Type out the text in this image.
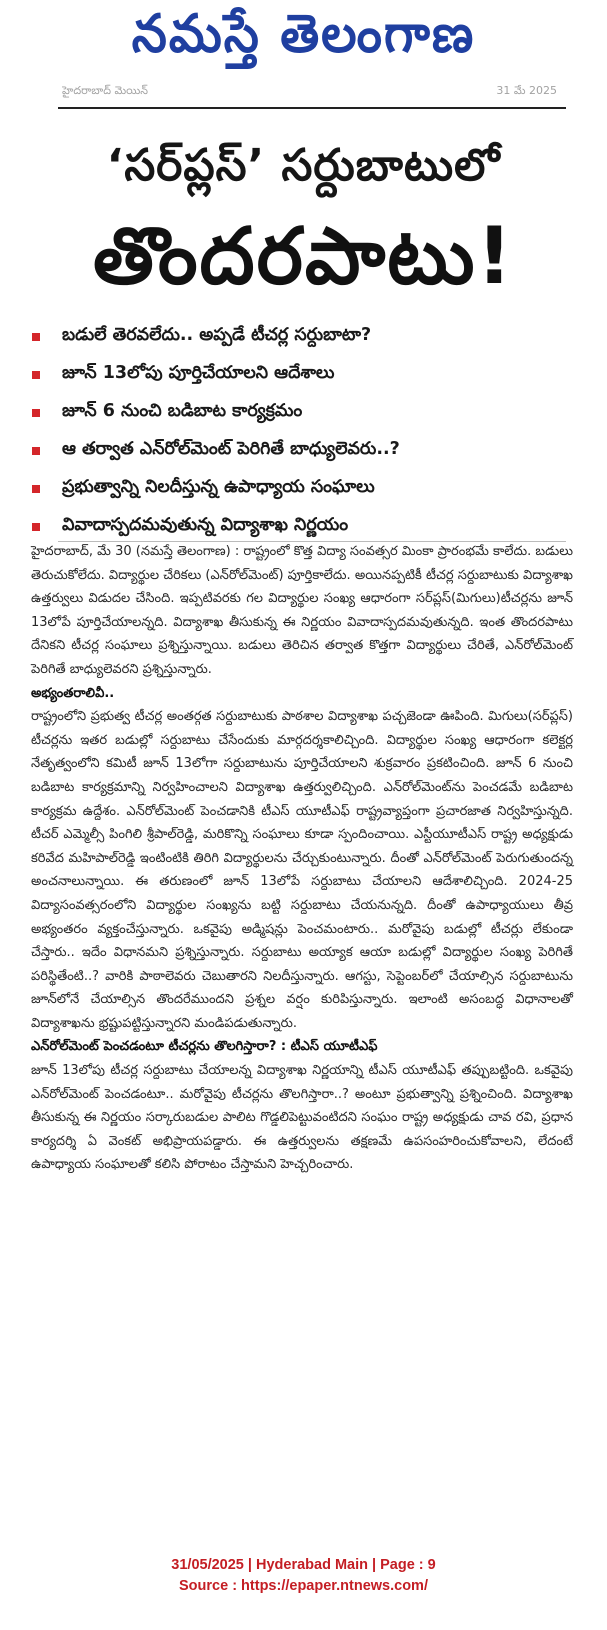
నమస్తే తెలంగాణ
హైదరాబాద్ మెయిన్	31 మే 2025
‘సర్‌ప్లస్’ సర్దుబాటులో
తొందరపాటు!
బడులే తెరవలేదు.. అప్పడే టీచర్ల సర్దుబాటా?
జూన్ 13లోపు పూర్తిచేయాలని ఆదేశాలు
జూన్ 6 నుంచి బడిబాట కార్యక్రమం
ఆ తర్వాత ఎన్‌రోల్‌మెంట్ పెరిగితే బాధ్యులెవరు..?
ప్రభుత్వాన్ని నిలదీస్తున్న ఉపాధ్యాయ సంఘాలు
వివాదాస్పదమవుతున్న విద్యాశాఖ నిర్ణయం

హైదరాబాద్, మే 30 (నమస్తే తెలంగాణ) : రాష్ట్రంలో కొత్త విద్యా సంవత్సర మింకా ప్రారంభమే కాలేదు. బడులు తెరుచుకోలేదు. విద్యార్థుల చేరికలు (ఎన్‌రోల్‌మెంట్) పూర్తికాలేదు. అయినప్పటికీ టీచర్ల సర్దుబాటుకు విద్యాశాఖ ఉత్తర్వులు విడుదల చేసింది. ఇప్పటివరకు గల విద్యార్థుల సంఖ్య ఆధారంగా సర్‌ప్లస్(మిగులు)టీచర్లను జూన్ 13లోపే పూర్తిచేయాలన్నది. విద్యాశాఖ తీసుకున్న ఈ నిర్ణయం వివాదాస్పదమవుతున్నది. ఇంత తొందరపాటు దేనికని టీచర్ల సంఘాలు ప్రశ్నిస్తున్నాయి. బడులు తెరిచిన తర్వాత కొత్తగా విద్యార్థులు చేరితే, ఎన్‌రోల్‌మెంట్ పెరిగితే బాధ్యులెవరని ప్రశ్నిస్తున్నారు.

అభ్యంతరాలివీ..

రాష్ట్రంలోని ప్రభుత్వ టీచర్ల అంతర్గత సర్దుబాటుకు పాఠశాల విద్యాశాఖ పచ్చజెండా ఊపింది. మిగులు(సర్‌ప్లస్) టీచర్లను ఇతర బడుల్లో సర్దుబాటు చేసేందుకు మార్గదర్శకాలిచ్చింది. విద్యార్థుల సంఖ్య ఆధారంగా కలెక్టర్ల నేతృత్వంలోని కమిటీ జూన్ 13లోగా సర్దుబాటును పూర్తిచేయాలని శుక్రవారం ప్రకటించింది. జూన్ 6 నుంచి బడిబాట కార్యక్రమాన్ని నిర్వహించాలని విద్యాశాఖ ఉత్తర్వులిచ్చింది. ఎన్‌రోల్‌మెంట్‌ను పెంచడమే బడిబాట కార్యక్రమ ఉద్దేశం. ఎన్‌రోల్‌మెంట్ పెంచడానికి టీఎస్ యూటీఎఫ్ రాష్ట్రవ్యాప్తంగా ప్రచారజాత నిర్వహిస్తున్నది. టీచర్ ఎమ్మెల్సీ పింగిలి శ్రీపాల్‌రెడ్డి, మరికొన్ని సంఘాలు కూడా స్పందించాయి. ఎస్టీయూటీఎస్ రాష్ట్ర అధ్యక్షుడు కరివేద మహిపాల్‌రెడ్డి ఇంటింటికి తిరిగి విద్యార్థులను చేర్చుకుంటున్నారు. దీంతో ఎన్‌రోల్‌మెంట్ పెరుగుతుందన్న అంచనాలున్నాయి. ఈ తరుణంలో జూన్ 13లోపే సర్దుబాటు చేయాలని ఆదేశాలిచ్చింది. 2024-25 విద్యాసంవత్సరంలోని విద్యార్థుల సంఖ్యను బట్టి సర్దుబాటు చేయనున్నది. దీంతో ఉపాధ్యాయులు తీవ్ర అభ్యంతరం వ్యక్తంచేస్తున్నారు. ఒకవైపు అడ్మిషన్లు పెంచమంటారు.. మరోవైపు బడుల్లో టీచర్లు లేకుండా చేస్తారు.. ఇదేం విధానమని ప్రశ్నిస్తున్నారు. సర్దుబాటు అయ్యాక ఆయా బడుల్లో విద్యార్థుల సంఖ్య పెరిగితే పరిస్థితేంటి..? వారికి పాఠాలెవరు చెబుతారని నిలదీస్తున్నారు. ఆగస్టు, సెప్టెంబర్‌లో చేయాల్సిన సర్దుబాటును జూన్‌లోనే చేయాల్సిన తొందరేముందని ప్రశ్నల వర్షం కురిపిస్తున్నారు. ఇలాంటి అసంబద్ధ విధానాలతో విద్యాశాఖను భ్రష్టుపట్టిస్తున్నారని మండిపడుతున్నారు.

ఎన్‌రోల్‌మెంట్ పెంచడంటూ టీచర్లను తొలగిస్తారా? : టీఎస్ యూటీఎఫ్

జూన్ 13లోపు టీచర్ల సర్దుబాటు చేయాలన్న విద్యాశాఖ నిర్ణయాన్ని టీఎస్ యూటీఎఫ్ తప్పుబట్టింది. ఒకవైపు ఎన్‌రోల్‌మెంట్ పెంచడంటూ.. మరోవైపు టీచర్లను తొలగిస్తారా..? అంటూ ప్రభుత్వాన్ని ప్రశ్నించింది. విద్యాశాఖ తీసుకున్న ఈ నిర్ణయం సర్కారుబడుల పాలిట గొడ్డలిపెట్టువంటిదని సంఘం రాష్ట్ర అధ్యక్షుడు చావ రవి, ప్రధాన కార్యదర్శి ఏ వెంకట్ అభిప్రాయపడ్డారు. ఈ ఉత్తర్వులను తక్షణమే ఉపసంహరించుకోవాలని, లేదంటే ఉపాధ్యాయ సంఘాలతో కలిసి పోరాటం చేస్తామని హెచ్చరించారు.

31/05/2025 | Hyderabad Main | Page : 9
Source : https://epaper.ntnews.com/
